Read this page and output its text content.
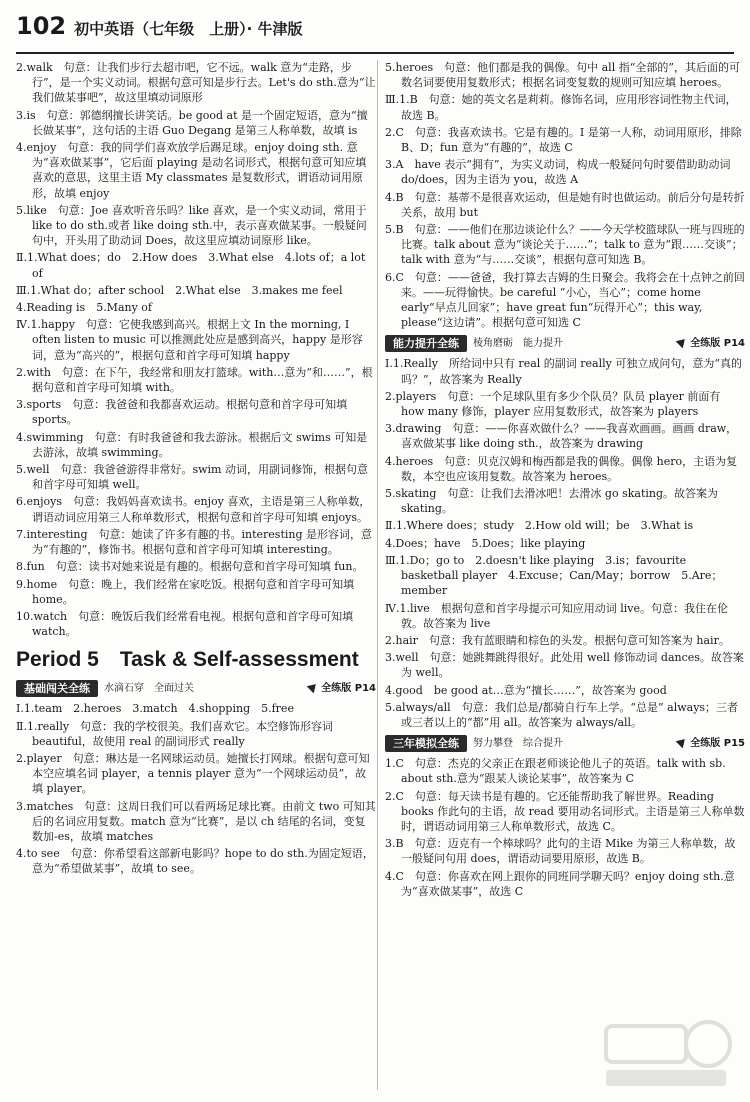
102 初中英语（七年级　上册）· 牛津版
2.walk　句意：让我们步行去超市吧，它不远。walk 意为“走路，步行”，是一个实义动词。根据句意可知是步行去。Let's do sth.意为“让我们做某事吧”，故这里填动词原形
3.is　句意：郭德纲擅长讲笑话。be good at 是一个固定短语，意为“擅长做某事”，这句话的主语 Guo Degang 是第三人称单数，故填 is
4.enjoy　句意：我的同学们喜欢放学后踢足球。enjoy doing sth. 意为“喜欢做某事”，它后面 playing 是动名词形式，根据句意可知应填喜欢的意思，这里主语 My classmates 是复数形式，谓语动词用原形，故填 enjoy
5.like　句意：Joe 喜欢听音乐吗？like 喜欢，是一个实义动词，常用于 like to do sth.或者 like doing sth.中，表示喜欢做某事。一般疑问句中，开头用了助动词 Does，故这里应填动词原形 like。
Ⅱ.1.What does；do　2.How does　3.What else　4.lots of；a lot of
Ⅲ.1.What do；after school　2.What else　3.makes me feel
4.Reading is　5.Many of
Ⅳ.1.happy　句意：它使我感到高兴。根据上文 In the morning, I often listen to music 可以推测此处应是感到高兴，happy 是形容词，意为“高兴的”，根据句意和首字母可知填 happy
2.with　句意：在下午，我经常和朋友打篮球。with…意为“和……”，根据句意和首字母可知填 with。
3.sports　句意：我爸爸和我都喜欢运动。根据句意和首字母可知填 sports。
4.swimming　句意：有时我爸爸和我去游泳。根据后文 swims 可知是去游泳，故填 swimming。
5.well　句意：我爸爸游得非常好。swim 动词，用副词修饰，根据句意和首字母可知填 well。
6.enjoys　句意：我妈妈喜欢读书。enjoy 喜欢，主语是第三人称单数，谓语动词应用第三人称单数形式，根据句意和首字母可知填 enjoys。
7.interesting　句意：她读了许多有趣的书。interesting 是形容词，意为“有趣的”，修饰书。根据句意和首字母可知填 interesting。
8.fun　句意：读书对她来说是有趣的。根据句意和首字母可知填 fun。
9.home　句意：晚上，我们经常在家吃饭。根据句意和首字母可知填 home。
10.watch　句意：晚饭后我们经常看电视。根据句意和首字母可知填 watch。
Period 5　Task & Self-assessment
基础闯关全练	水滴石穿　全面过关	全练版 P14
Ⅰ.1.team　2.heroes　3.match　4.shopping　5.free
Ⅱ.1.really　句意：我的学校很美。我们喜欢它。本空修饰形容词 beautiful，故使用 real 的副词形式 really
2.player　句意：琳达是一名网球运动员。她擅长打网球。根据句意可知本空应填名词 player，a tennis player 意为“一个网球运动员”，故填 player。
3.matches　句意：这周日我们可以看两场足球比赛。由前文 two 可知其后的名词应用复数。match 意为“比赛”，是以 ch 结尾的名词，变复数加-es，故填 matches
4.to see　句意：你希望看这部新电影吗？hope to do sth.为固定短语，意为“希望做某事”，故填 to see。
5.heroes　句意：他们都是我的偶像。句中 all 指“全部的”，其后面的可数名词要使用复数形式；根据名词变复数的规则可知应填 heroes。
Ⅲ.1.B　句意：她的英文名是莉莉。修饰名词，应用形容词性物主代词，故选 B。
2.C　句意：我喜欢读书。它是有趣的。I 是第一人称，动词用原形，排除 B、D；fun 意为“有趣的”，故选 C
3.A　have 表示“拥有”，为实义动词，构成一般疑问句时要借助助动词 do/does，因为主语为 you，故选 A
4.B　句意：基蒂不是很喜欢运动，但是她有时也做运动。前后分句是转折关系，故用 but
5.B　句意：——他们在那边谈论什么？——今天学校篮球队一班与四班的比赛。talk about 意为“谈论关于……”；talk to 意为“跟……交谈”；talk with 意为“与……交谈”，根据句意可知选 B。
6.C　句意：——爸爸，我打算去吉姆的生日聚会。我将会在十点钟之前回来。——玩得愉快。be careful “小心，当心”；come home early“早点儿回家”；have great fun“玩得开心”；this way, please“这边请”。根据句意可知选 C
能力提升全练	棱角磨砺　能力提升	全练版 P14
Ⅰ.1.Really　所给词中只有 real 的副词 really 可独立成问句，意为“真的吗？”，故答案为 Really
2.players　句意：一个足球队里有多少个队员？队员 player 前面有 how many 修饰，player 应用复数形式，故答案为 players
3.drawing　句意：——你喜欢做什么？——我喜欢画画。画画 draw，喜欢做某事 like doing sth.，故答案为 drawing
4.heroes　句意：贝克汉姆和梅西都是我的偶像。偶像 hero，主语为复数，本空也应该用复数。故答案为 heroes。
5.skating　句意：让我们去滑冰吧！去滑冰 go skating。故答案为 skating。
Ⅱ.1.Where does；study　2.How old will；be　3.What is
4.Does；have　5.Does；like playing
Ⅲ.1.Do；go to　2.doesn't like playing　3.is；favourite basketball player　4.Excuse；Can/May；borrow　5.Are；member
Ⅳ.1.live　根据句意和首字母提示可知应用动词 live。句意：我住在伦敦。故答案为 live
2.hair　句意：我有蓝眼睛和棕色的头发。根据句意可知答案为 hair。
3.well　句意：她跳舞跳得很好。此处用 well 修饰动词 dances。故答案为 well。
4.good　be good at…意为“擅长……”，故答案为 good
5.always/all　句意：我们总是/都骑自行车上学。“总是” always；三者或三者以上的“都”用 all。故答案为 always/all。
三年模拟全练	努力攀登　综合提升	全练版 P15
1.C　句意：杰克的父亲正在跟老师谈论他儿子的英语。talk with sb. about sth.意为“跟某人谈论某事”，故答案为 C
2.C　句意：每天读书是有趣的。它还能帮助我了解世界。Reading books 作此句的主语，故 read 要用动名词形式。主语是第三人称单数时，谓语动词用第三人称单数形式，故选 C。
3.B　句意：迈克有一个棒球吗？此句的主语 Mike 为第三人称单数，故一般疑问句用 does，谓语动词要用原形，故选 B。
4.C　句意：你喜欢在网上跟你的同班同学聊天吗？enjoy doing sth.意为“喜欢做某事”，故选 C
